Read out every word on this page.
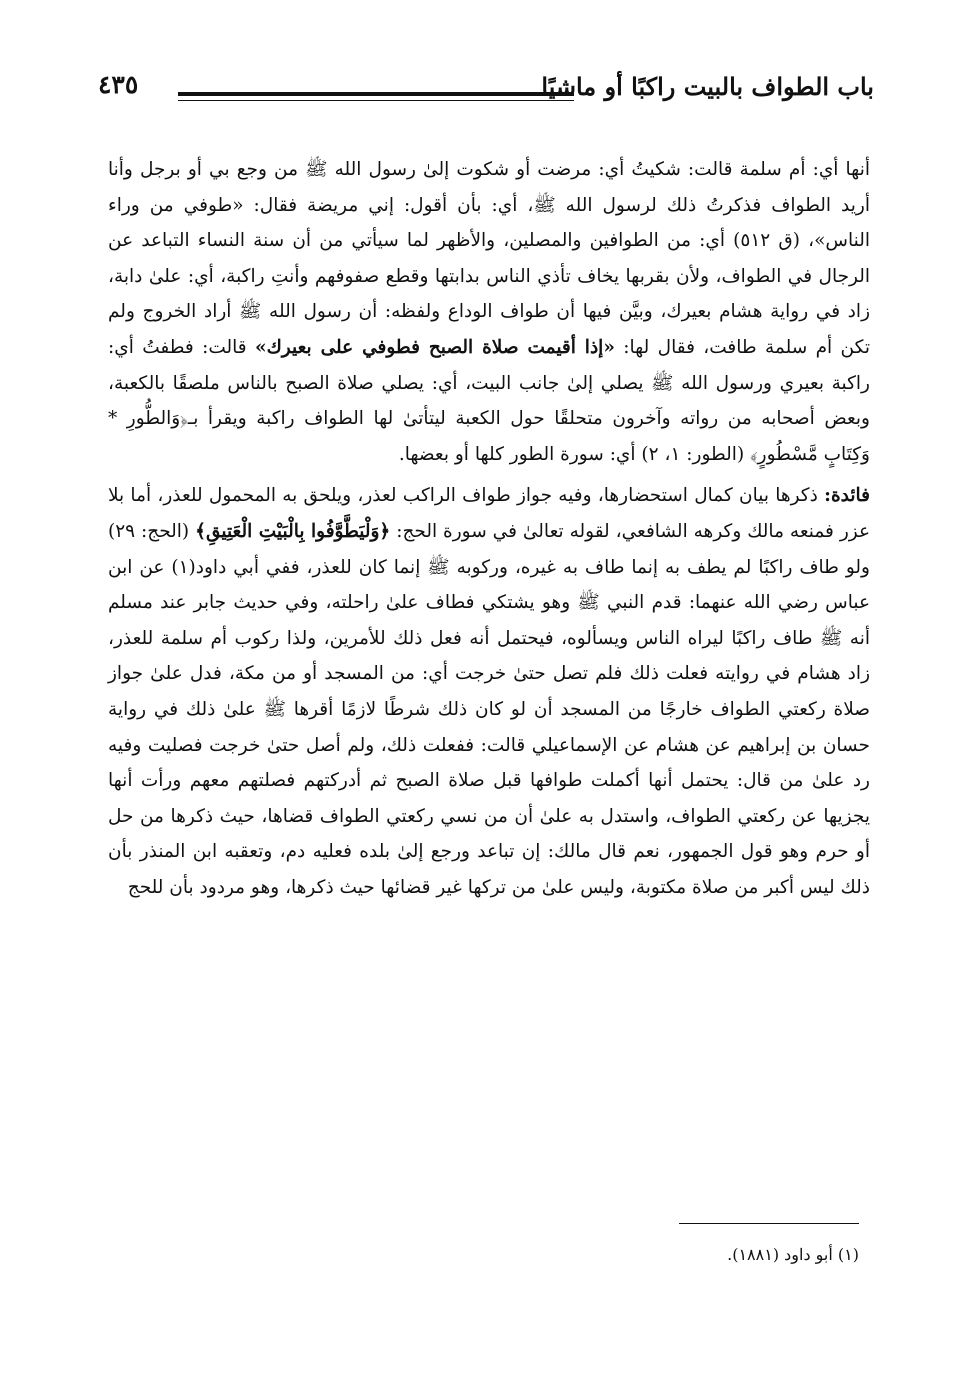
باب الطواف بالبيت راكبًا أو ماشيًا
٤٣٥

أنها أي: أم سلمة قالت: شكيتُ أي: مرضت أو شكوت إلىٰ رسول الله ﷺ من وجع بي أو برجل وأنا أريد الطواف فذكرتُ ذلك لرسول الله ﷺ، أي: بأن أقول: إني مريضة فقال: «طوفي من وراء الناس»، (ق ٥١٢) أي: من الطوافين والمصلين، والأظهر لما سيأتي من أن سنة النساء التباعد عن الرجال في الطواف، ولأن بقربها يخاف تأذي الناس بدابتها وقطع صفوفهم وأنتِ راكبة، أي: علىٰ دابة، زاد في رواية هشام بعيرك، وبيَّن فيها أن طواف الوداع ولفظه: أن رسول الله ﷺ أراد الخروج ولم تكن أم سلمة طافت، فقال لها: «إذا أقيمت صلاة الصبح فطوفي على بعيرك» قالت: فطفتُ أي: راكبة بعيري ورسول الله ﷺ يصلي إلىٰ جانب البيت، أي: يصلي صلاة الصبح بالناس ملصقًا بالكعبة، وبعض أصحابه من رواته وآخرون متحلقًا حول الكعبة ليتأتىٰ لها الطواف راكبة ويقرأ بـ﴿وَالطُّورِ * وَكِتَابٍ مَّسْطُورٍ﴾ (الطور: ١، ٢) أي: سورة الطور كلها أو بعضها.

فائدة: ذكرها بيان كمال استحضارها، وفيه جواز طواف الراكب لعذر، ويلحق به المحمول للعذر، أما بلا عزر فمنعه مالك وكرهه الشافعي، لقوله تعالىٰ في سورة الحج: ﴿وَلْيَطَّوَّفُوا بِالْبَيْتِ الْعَتِيقِ﴾ (الحج: ٢٩) ولو طاف راكبًا لم يطف به إنما طاف به غيره، وركوبه ﷺ إنما كان للعذر، ففي أبي داود(١) عن ابن عباس رضي الله عنهما: قدم النبي ﷺ وهو يشتكي فطاف علىٰ راحلته، وفي حديث جابر عند مسلم أنه ﷺ طاف راكبًا ليراه الناس ويسألوه، فيحتمل أنه فعل ذلك للأمرين، ولذا ركوب أم سلمة للعذر، زاد هشام في روايته فعلت ذلك فلم تصل حتىٰ خرجت أي: من المسجد أو من مكة، فدل علىٰ جواز صلاة ركعتي الطواف خارجًا من المسجد أن لو كان ذلك شرطًا لازمًا أقرها ﷺ علىٰ ذلك في رواية حسان بن إبراهيم عن هشام عن الإسماعيلي قالت: ففعلت ذلك، ولم أصل حتىٰ خرجت فصليت وفيه رد علىٰ من قال: يحتمل أنها أكملت طوافها قبل صلاة الصبح ثم أدركتهم فصلتهم معهم ورأت أنها يجزيها عن ركعتي الطواف، واستدل به علىٰ أن من نسي ركعتي الطواف قضاها، حيث ذكرها من حل أو حرم وهو قول الجمهور، نعم قال مالك: إن تباعد ورجع إلىٰ بلده فعليه دم، وتعقبه ابن المنذر بأن ذلك ليس أكبر من صلاة مكتوبة، وليس علىٰ من تركها غير قضائها حيث ذكرها، وهو مردود بأن للحج

(١) أبو داود (١٨٨١).
